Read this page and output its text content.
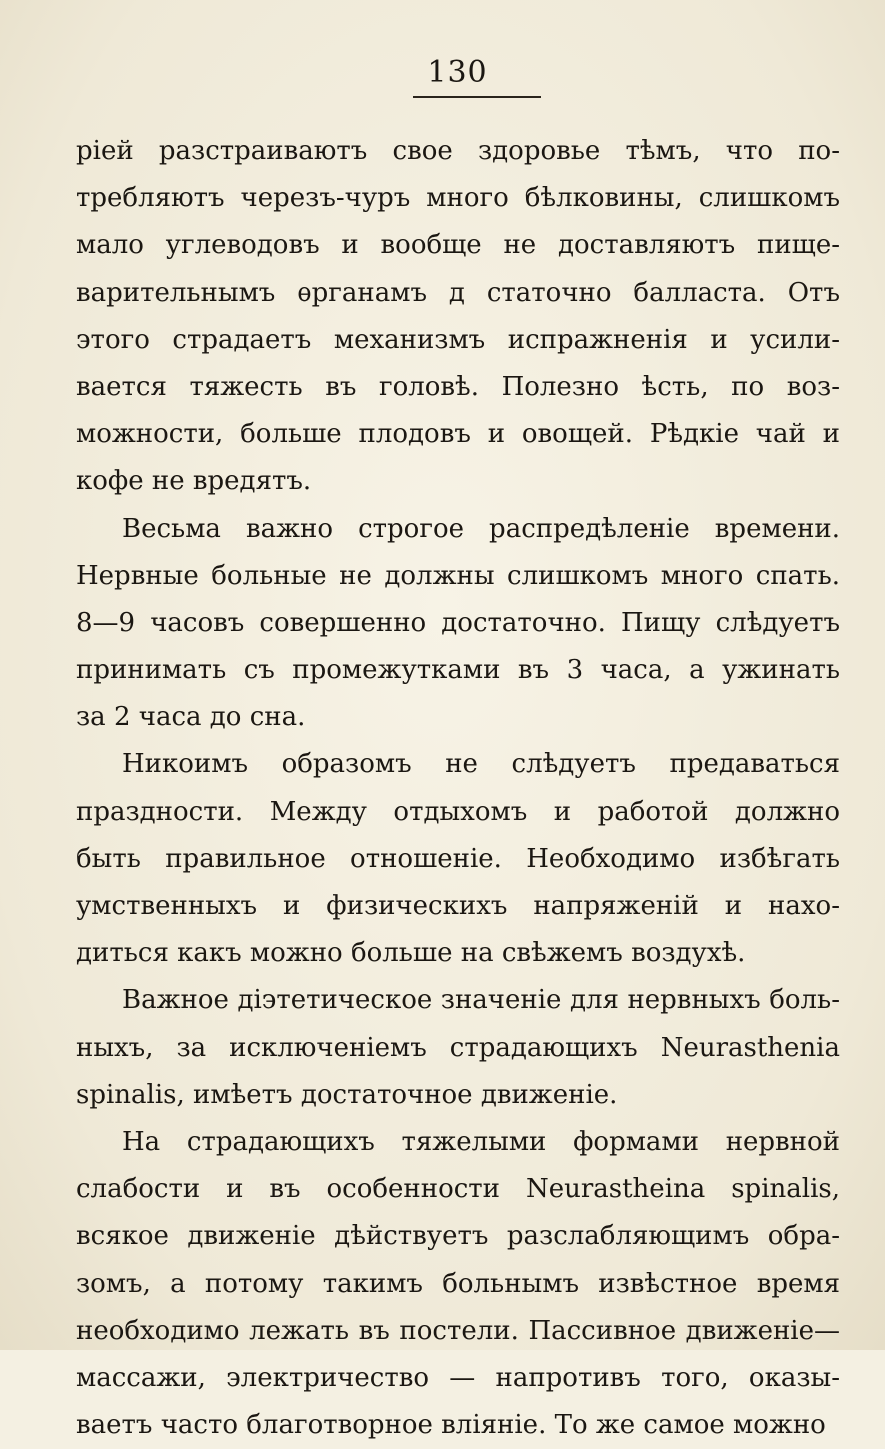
130
ріей разстраиваютъ свое здоровье тѣмъ, что по-
требляютъ черезъ-чуръ много бѣлковины, слишкомъ
мало углеводовъ и вообще не доставляютъ пище-
варительнымъ ѳрганамъ д статочно балласта. Отъ
этого страдаетъ механизмъ испражненія и усили-
вается тяжесть въ головѣ. Полезно ѣсть, по воз-
можности, больше плодовъ и овощей. Рѣдкіе чай и
кофе не вредятъ.
Весьма важно строгое распредѣленіе времени.
Нервные больные не должны слишкомъ много спать.
8—9 часовъ совершенно достаточно. Пищу слѣдуетъ
принимать съ промежутками въ 3 часа, а ужинать
за 2 часа до сна.
Никоимъ образомъ не слѣдуетъ предаваться
праздности. Между отдыхомъ и работой должно
быть правильное отношеніе. Необходимо избѣгать
умственныхъ и физическихъ напряженій и нахо-
диться какъ можно больше на свѣжемъ воздухѣ.
Важное діэтетическое значеніе для нервныхъ боль-
ныхъ, за исключеніемъ страдающихъ Neurasthenia
spinalis, имѣетъ достаточное движеніе.
На страдающихъ тяжелыми формами нервной
слабости и въ особенности Neurastheina spinalis,
всякое движеніе дѣйствуетъ разслабляющимъ обра-
зомъ, а потому такимъ больнымъ извѣстное время
необходимо лежать въ постели. Пассивное движеніе—
массажи, электричество — напротивъ того, оказы-
ваетъ часто благотворное вліяніе. То же самое можно
